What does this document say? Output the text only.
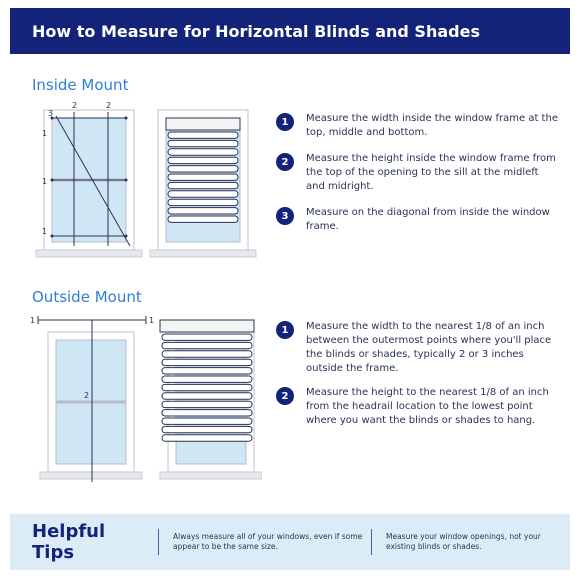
How to Measure for Horizontal Blinds and Shades
Inside Mount
3
2	2
1
1
1
1	Measure the width inside the window frame at the top, middle and bottom.
2	Measure the height inside the window frame from the top of the opening to the sill at the midleft and midright.
3	Measure on the diagonal from inside the window frame.
Outside Mount
1	1
2
1	Measure the width to the nearest 1/8 of an inch between the outermost points where you'll place the blinds or shades, typically 2 or 3 inches outside the frame.
2	Measure the height to the nearest 1/8 of an inch from the headrail location to the lowest point where you want the blinds or shades to hang.
Helpful Tips
Always measure all of your windows, even if some appear to be the same size.
Measure your window openings, not your existing blinds or shades.
